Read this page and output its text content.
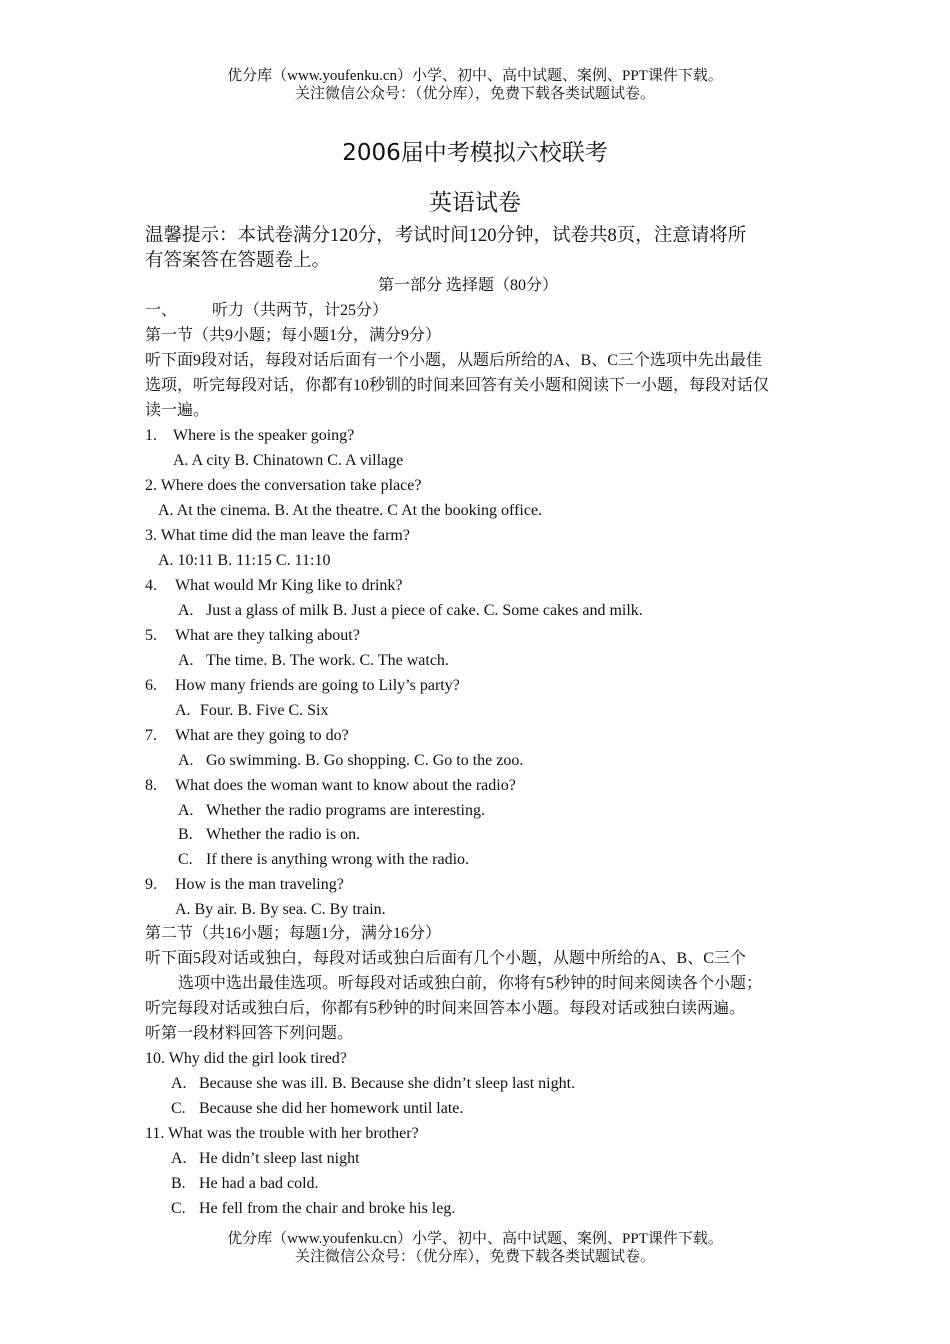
优分库（www.youfenku.cn）小学、初中、高中试题、案例、PPT课件下载。
关注微信公众号：（优分库），免费下载各类试题试卷。
2006届中考模拟六校联考
英语试卷
温馨提示：本试卷满分120分，考试时间120分钟，试卷共8页，注意请将所
有答案答在答题卷上。
第一部分 选择题（80分）
一、 听力（共两节，计25分）
第一节（共9小题；每小题1分，满分9分）
听下面9段对话，每段对话后面有一个小题，从题后所给的A、B、C三个选项中先出最佳
选项，听完每段对话，你都有10秒钏的时间来回答有关小题和阅读下一小题，每段对话仅
读一遍。
1. Where is the speaker going?
A. A city B. Chinatown C. A village
2. Where does the conversation take place?
A. At the cinema. B. At the theatre. C At the booking office.
3. What time did the man leave the farm?
A. 10:11 B. 11:15 C. 11:10
4. What would Mr King like to drink?
A. Just a glass of milk B. Just a piece of cake. C. Some cakes and milk.
5. What are they talking about?
A. The time. B. The work. C. The watch.
6. How many friends are going to Lily’s party?
A. Four. B. Five C. Six
7. What are they going to do?
A. Go swimming. B. Go shopping. C. Go to the zoo.
8. What does the woman want to know about the radio?
A. Whether the radio programs are interesting.
B. Whether the radio is on.
C. If there is anything wrong with the radio.
9. How is the man traveling?
A. By air. B. By sea. C. By train.
第二节（共16小题；每题1分，满分16分）
听下面5段对话或独白，每段对话或独白后面有几个小题，从题中所给的A、B、C三个
选项中选出最佳选项。听每段对话或独白前，你将有5秒钟的时间来阅读各个小题；
听完每段对话或独白后，你都有5秒钟的时间来回答本小题。每段对话或独白读两遍。
听第一段材料回答下列问题。
10. Why did the girl look tired?
A. Because she was ill. B. Because she didn’t sleep last night.
C. Because she did her homework until late.
11. What was the trouble with her brother?
A. He didn’t sleep last night
B. He had a bad cold.
C. He fell from the chair and broke his leg.
优分库（www.youfenku.cn）小学、初中、高中试题、案例、PPT课件下载。
关注微信公众号：（优分库），免费下载各类试题试卷。
